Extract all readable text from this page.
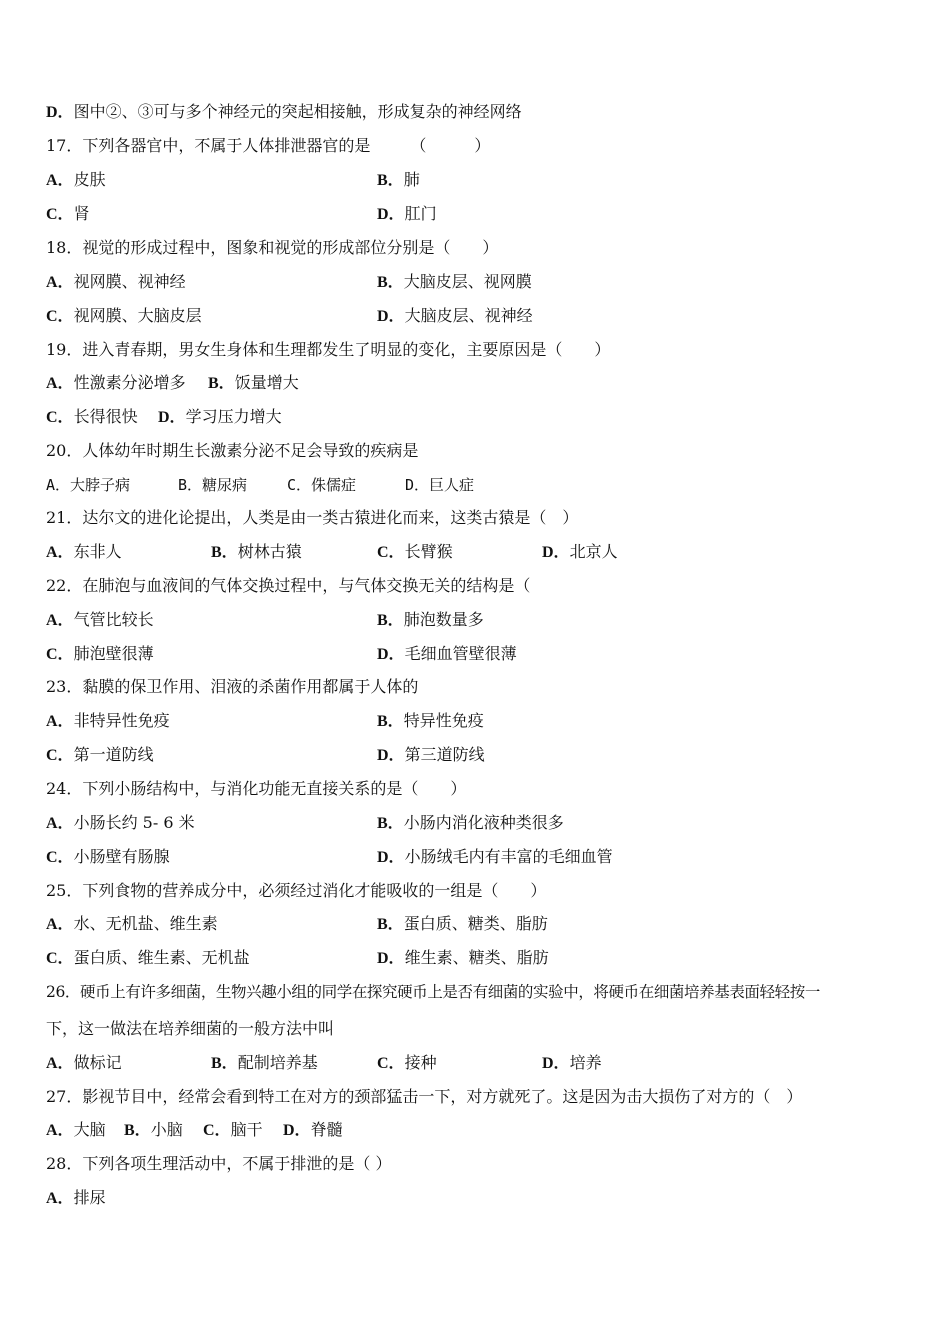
D．图中②、③可与多个神经元的突起相接触，形成复杂的神经网络
17．下列各器官中，不属于人体排泄器官的是	（　　　）
A．皮肤	B．肺
C．肾	D．肛门
18．视觉的形成过程中，图象和视觉的形成部位分别是（　　）
A．视网膜、视神经	B．大脑皮层、视网膜
C．视网膜、大脑皮层	D．大脑皮层、视神经
19．进入青春期，男女生身体和生理都发生了明显的变化，主要原因是（　　）
A．性激素分泌增多 B．饭量增大
C．长得很快 D．学习压力增大
20．人体幼年时期生长激素分泌不足会导致的疾病是
A．大脖子病	B．糖尿病	C．侏儒症	D．巨人症
21．达尔文的进化论提出，人类是由一类古猿进化而来，这类古猿是（　）
A．东非人	B．树林古猿	C．长臂猴	D．北京人
22．在肺泡与血液间的气体交换过程中，与气体交换无关的结构是（
A．气管比较长	B．肺泡数量多
C．肺泡壁很薄	D．毛细血管壁很薄
23．黏膜的保卫作用、泪液的杀菌作用都属于人体的
A．非特异性免疫	B．特异性免疫
C．第一道防线	D．第三道防线
24．下列小肠结构中，与消化功能无直接关系的是（　　）
A．小肠长约 5- 6 米	B．小肠内消化液种类很多
C．小肠壁有肠腺	D．小肠绒毛内有丰富的毛细血管
25．下列食物的营养成分中，必须经过消化才能吸收的一组是（　　）
A．水、无机盐、维生素	B．蛋白质、糖类、脂肪
C．蛋白质、维生素、无机盐	D．维生素、糖类、脂肪
26．硬币上有许多细菌，生物兴趣小组的同学在探究硬币上是否有细菌的实验中，将硬币在细菌培养基表面轻轻按一
下，这一做法在培养细菌的一般方法中叫
A．做标记	B．配制培养基	C．接种	D．培养
27．影视节目中，经常会看到特工在对方的颈部猛击一下，对方就死了。这是因为击大损伤了对方的（　）
A．大脑 B．小脑 C．脑干 D．脊髓
28．下列各项生理活动中，不属于排泄的是（ ）
A．排尿
